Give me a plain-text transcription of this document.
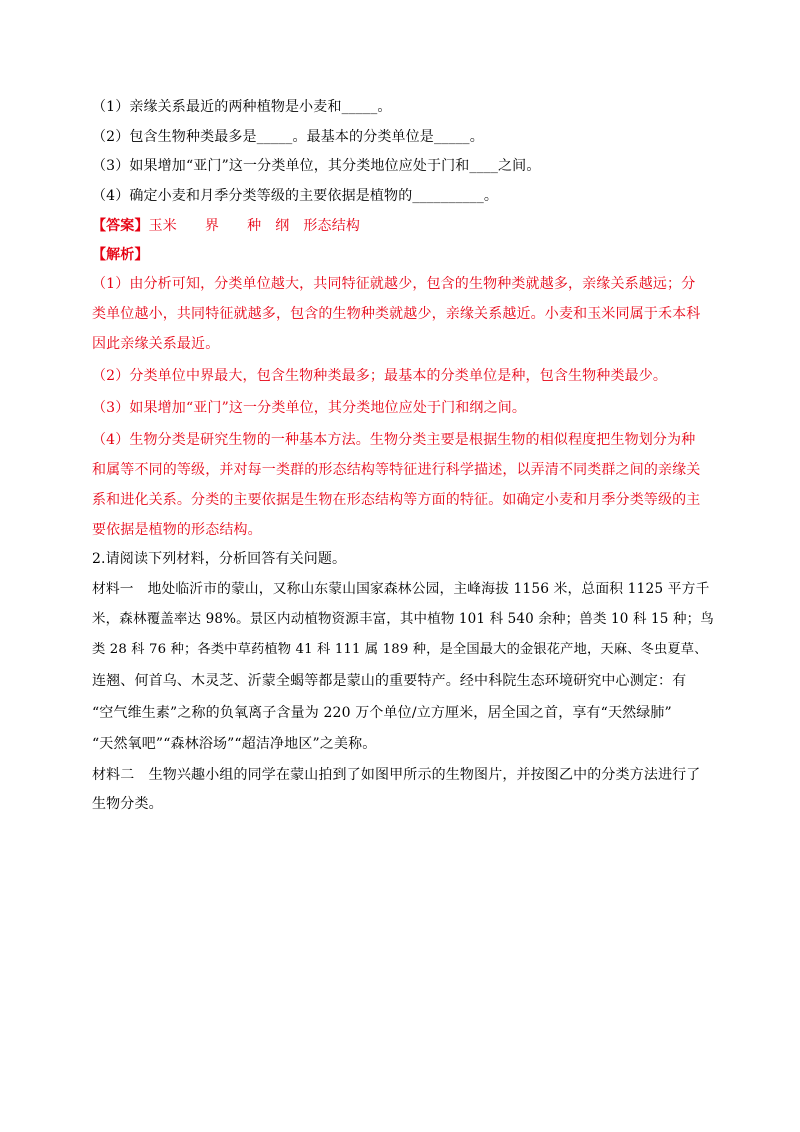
（1）亲缘关系最近的两种植物是小麦和_____。
（2）包含生物种类最多是_____。最基本的分类单位是_____。
（3）如果增加“亚门”这一分类单位，其分类地位应处于门和____之间。
（4）确定小麦和月季分类等级的主要依据是植物的__________。
【答案】玉米 界 种 纲 形态结构
【解析】
（1）由分析可知，分类单位越大，共同特征就越少，包含的生物种类就越多，亲缘关系越远；分
类单位越小，共同特征就越多，包含的生物种类就越少，亲缘关系越近。小麦和玉米同属于禾本科
因此亲缘关系最近。
（2）分类单位中界最大，包含生物种类最多；最基本的分类单位是种，包含生物种类最少。
（3）如果增加“亚门”这一分类单位，其分类地位应处于门和纲之间。
（4）生物分类是研究生物的一种基本方法。生物分类主要是根据生物的相似程度把生物划分为种
和属等不同的等级，并对每一类群的形态结构等特征进行科学描述，以弄清不同类群之间的亲缘关
系和进化关系。分类的主要依据是生物在形态结构等方面的特征。如确定小麦和月季分类等级的主
要依据是植物的形态结构。
2.请阅读下列材料，分析回答有关问题。
材料一　地处临沂市的蒙山，又称山东蒙山国家森林公园，主峰海拔 1156 米，总面积 1125 平方千
米，森林覆盖率达 98%。景区内动植物资源丰富，其中植物 101 科 540 余种；兽类 10 科 15 种；鸟
类 28 科 76 种；各类中草药植物 41 科 111 属 189 种，是全国最大的金银花产地，天麻、冬虫夏草、
连翘、何首乌、木灵芝、沂蒙全蝎等都是蒙山的重要特产。经中科院生态环境研究中心测定：有
“空气维生素”之称的负氧离子含量为 220 万个单位/立方厘米，居全国之首，享有“天然绿肺”
“天然氧吧”“森林浴场”“超洁净地区”之美称。
材料二　生物兴趣小组的同学在蒙山拍到了如图甲所示的生物图片，并按图乙中的分类方法进行了
生物分类。
